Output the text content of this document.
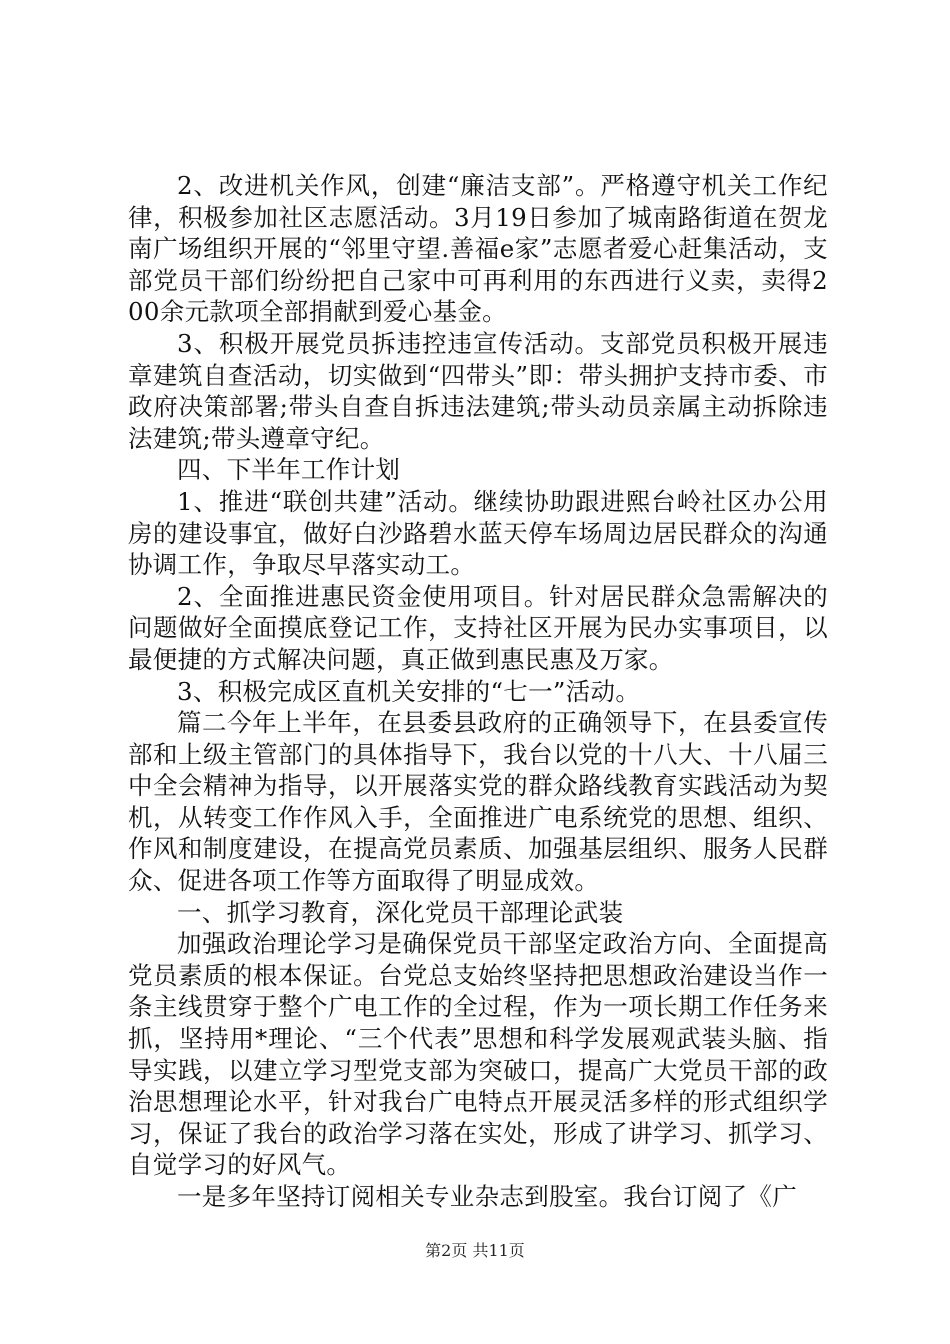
2、改进机关作风，创建“廉洁支部”。严格遵守机关工作纪律，积极参加社区志愿活动。3月19日参加了城南路街道在贺龙南广场组织开展的“邻里守望.善福e家”志愿者爱心赶集活动，支部党员干部们纷纷把自己家中可再利用的东西进行义卖，卖得200余元款项全部捐献到爱心基金。

3、积极开展党员拆违控违宣传活动。支部党员积极开展违章建筑自查活动，切实做到“四带头”即：带头拥护支持市委、市政府决策部署;带头自查自拆违法建筑;带头动员亲属主动拆除违法建筑;带头遵章守纪。

四、下半年工作计划

1、推进“联创共建”活动。继续协助跟进熙台岭社区办公用房的建设事宜，做好白沙路碧水蓝天停车场周边居民群众的沟通协调工作，争取尽早落实动工。

2、全面推进惠民资金使用项目。针对居民群众急需解决的问题做好全面摸底登记工作，支持社区开展为民办实事项目，以最便捷的方式解决问题，真正做到惠民惠及万家。

3、积极完成区直机关安排的“七一”活动。

篇二今年上半年，在县委县政府的正确领导下，在县委宣传部和上级主管部门的具体指导下，我台以党的十八大、十八届三中全会精神为指导，以开展落实党的群众路线教育实践活动为契机，从转变工作作风入手，全面推进广电系统党的思想、组织、作风和制度建设，在提高党员素质、加强基层组织、服务人民群众、促进各项工作等方面取得了明显成效。

一、抓学习教育，深化党员干部理论武装

加强政治理论学习是确保党员干部坚定政治方向、全面提高党员素质的根本保证。台党总支始终坚持把思想政治建设当作一条主线贯穿于整个广电工作的全过程，作为一项长期工作任务来抓，坚持用*理论、“三个代表”思想和科学发展观武装头脑、指导实践，以建立学习型党支部为突破口，提高广大党员干部的政治思想理论水平，针对我台广电特点开展灵活多样的形式组织学习，保证了我台的政治学习落在实处，形成了讲学习、抓学习、自觉学习的好风气。

一是多年坚持订阅相关专业杂志到股室。我台订阅了《广

第2页 共11页
